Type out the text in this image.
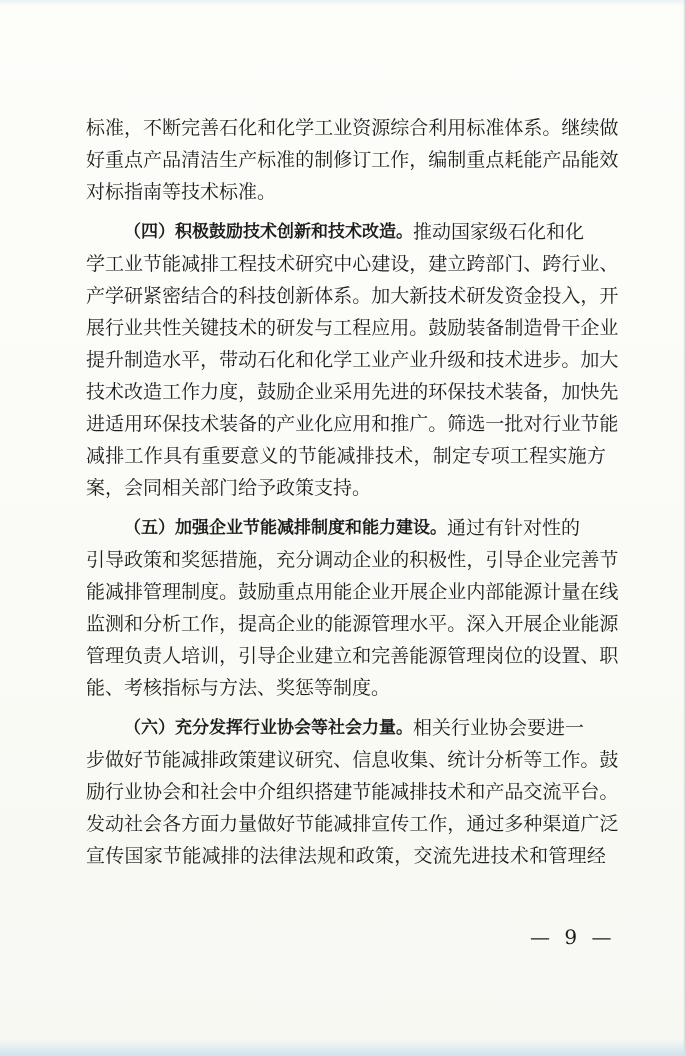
标 准 ， 不 断 完 善 石 化 和 化 学 工 业 资 源 综 合 利 用 标 准 体 系 。 继 续 做
好 重 点 产 品 清 洁 生 产 标 准 的 制 修 订 工 作 ， 编 制 重 点 耗 能 产 品 能 效
对标指南等技术标准。
（四）积极鼓励技术创新和技术改造。 推动国家级石化和化
学 工 业 节 能 减 排 工 程 技 术 研 究 中 心 建 设 ， 建 立 跨 部 门 、 跨 行 业 、
产 学 研 紧 密 结 合 的 科 技 创 新 体 系 。 加 大 新 技 术 研 发 资 金 投 入 ， 开
展 行 业 共 性 关 键 技 术 的 研 发 与 工 程 应 用 。 鼓 励 装 备 制 造 骨 干 企 业
提 升 制 造 水 平 ， 带 动 石 化 和 化 学 工 业 产 业 升 级 和 技 术 进 步 。 加 大
技 术 改 造 工 作 力 度 ， 鼓 励 企 业 采 用 先 进 的 环 保 技 术 装 备 ， 加 快 先
进 适 用 环 保 技 术 装 备 的 产 业 化 应 用 和 推 广 。 筛 选 一 批 对 行 业 节 能
减 排 工 作 具 有 重 要 意 义 的 节 能 减 排 技 术 ， 制 定 专 项 工 程 实 施 方
案，会同相关部门给予政策支持。
（五）加强企业节能减排制度和能力建设。 通过有针对性的
引 导 政 策 和 奖 惩 措 施 ， 充 分 调 动 企 业 的 积 极 性 ， 引 导 企 业 完 善 节
能 减 排 管 理 制 度 。 鼓 励 重 点 用 能 企 业 开 展 企 业 内 部 能 源 计 量 在 线
监 测 和 分 析 工 作 ， 提 高 企 业 的 能 源 管 理 水 平 。 深 入 开 展 企 业 能 源
管 理 负 责 人 培 训 ， 引 导 企 业 建 立 和 完 善 能 源 管 理 岗 位 的 设 置 、 职
能、考核指标与方法、奖惩等制度。
（六）充分发挥行业协会等社会力量。 相关行业协会要进一
步 做 好 节 能 减 排 政 策 建 议 研 究 、 信 息 收 集 、 统 计 分 析 等 工 作 。 鼓
励 行 业 协 会 和 社 会 中 介 组 织 搭 建 节 能 减 排 技 术 和 产 品 交 流 平 台 。
发 动 社 会 各 方 面 力 量 做 好 节 能 减 排 宣 传 工 作 ， 通 过 多 种 渠 道 广 泛
宣 传 国 家 节 能 减 排 的 法 律 法 规 和 政 策 ， 交 流 先 进 技 术 和 管 理 经
— 9 —
